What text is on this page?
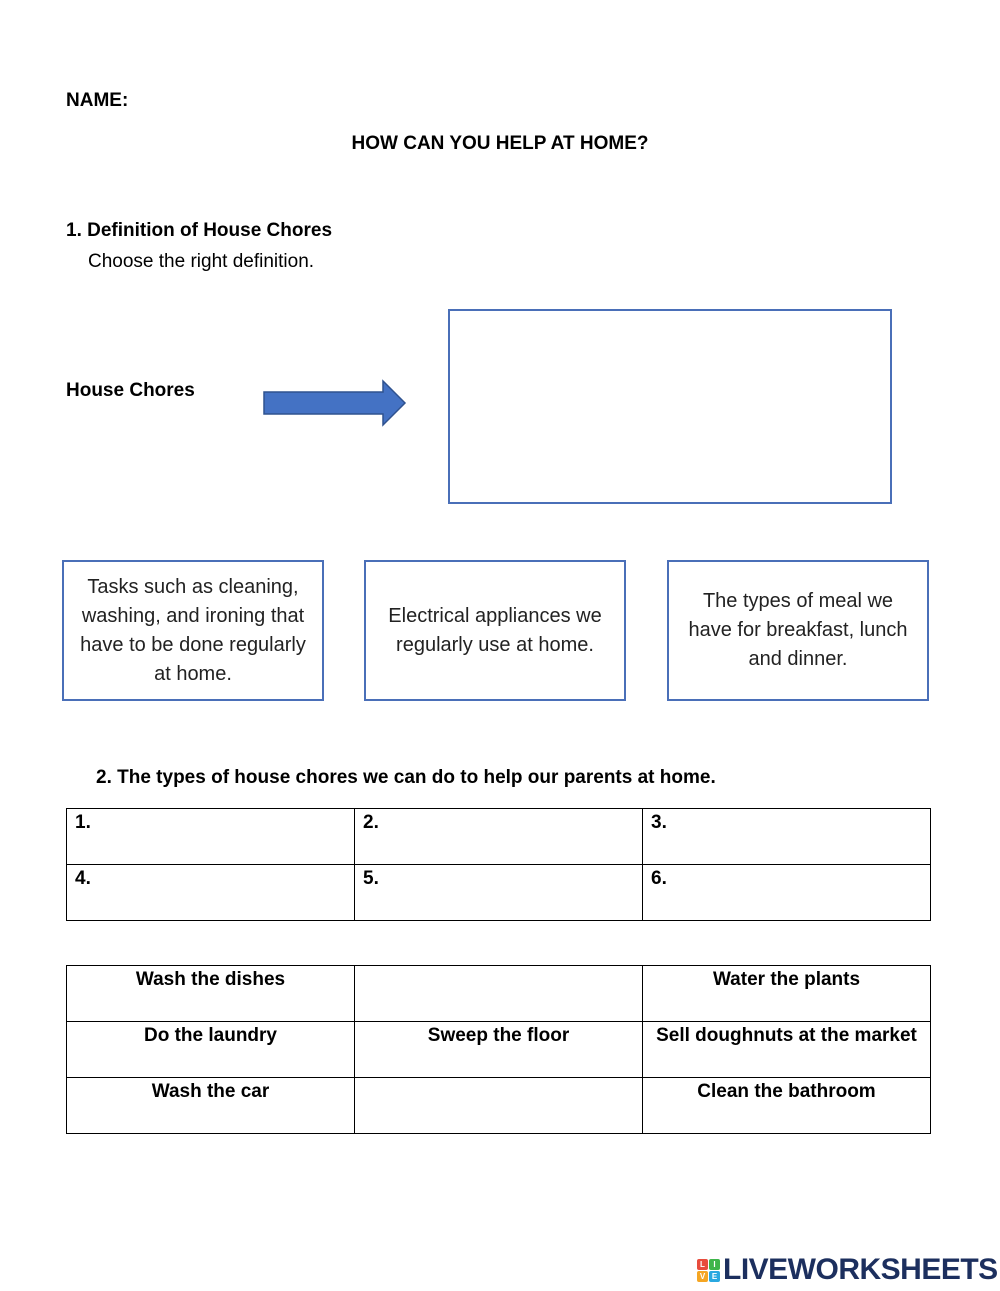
NAME:
HOW CAN YOU HELP AT HOME?
1. Definition of House Chores
Choose the right definition.
House Chores
Tasks such as cleaning, washing, and ironing that have to be done regularly at home.
Electrical appliances we regularly use at home.
The types of meal we have for breakfast, lunch and dinner.
2. The types of house chores we can do to help our parents at home.
1.	2.	3.
4.	5.	6.
Wash the dishes		Water the plants
Do the laundry	Sweep the floor	Sell doughnuts at the market
Wash the car		Clean the bathroom
L	I
V E LIVEWORKSHEETS
